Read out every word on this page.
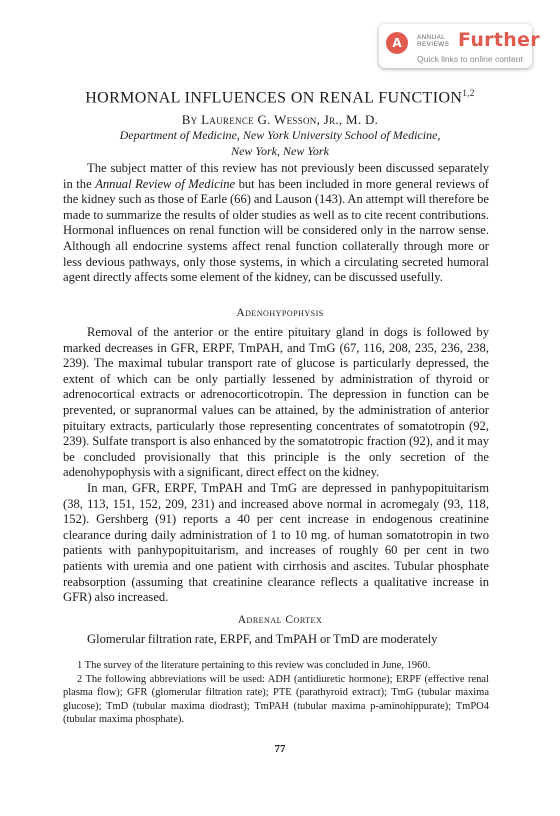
A	ANNUAL
REVIEWS Further
Quick links to online content
HORMONAL INFLUENCES ON RENAL FUNCTION$^{1,2}$
By Laurence G. Wesson, Jr., M. D.
Department of Medicine, New York University School of Medicine,
New York, New York

The subject matter of this review has not previously been discussed separately in the Annual Review of Medicine but has been included in more general reviews of the kidney such as those of Earle (66) and Lauson (143). An attempt will therefore be made to summarize the results of older studies as well as to cite recent contributions. Hormonal influences on renal function will be considered only in the narrow sense. Although all endocrine systems affect renal function collaterally through more or less devious pathways, only those systems, in which a circulating secreted humoral agent directly affects some element of the kidney, can be discussed usefully.

Adenohypophysis

Removal of the anterior or the entire pituitary gland in dogs is followed by marked decreases in GFR, ERPF, TmPAH, and TmG (67, 116, 208, 235, 236, 238, 239). The maximal tubular transport rate of glucose is particularly depressed, the extent of which can be only partially lessened by administration of thyroid or adrenocortical extracts or adrenocorticotropin. The depression in function can be prevented, or supranormal values can be attained, by the administration of anterior pituitary extracts, particularly those representing concentrates of somatotropin (92, 239). Sulfate transport is also enhanced by the somatotropic fraction (92), and it may be concluded provisionally that this principle is the only secretion of the adenohypophysis with a significant, direct effect on the kidney.

In man, GFR, ERPF, TmPAH and TmG are depressed in panhypopituitarism (38, 113, 151, 152, 209, 231) and increased above normal in acromegaly (93, 118, 152). Gershberg (91) reports a 40 per cent increase in endogenous creatinine clearance during daily administration of 1 to 10 mg. of human somatotropin in two patients with panhypopituitarism, and increases of roughly 60 per cent in two patients with uremia and one patient with cirrhosis and ascites. Tubular phosphate reabsorption (assuming that creatinine clearance reflects a qualitative increase in GFR) also increased.

Adrenal Cortex

Glomerular filtration rate, ERPF, and TmPAH or TmD are moderately

1 The survey of the literature pertaining to this review was concluded in June, 1960.

2 The following abbreviations will be used: ADH (antidiuretic hormone); ERPF (effective renal plasma flow); GFR (glomerular filtration rate); PTE (parathyroid extract); TmG (tubular maxima glucose); TmD (tubular maxima diodrast); TmPAH (tubular maxima p-aminohippurate); TmPO4 (tubular maxima phosphate).

77
